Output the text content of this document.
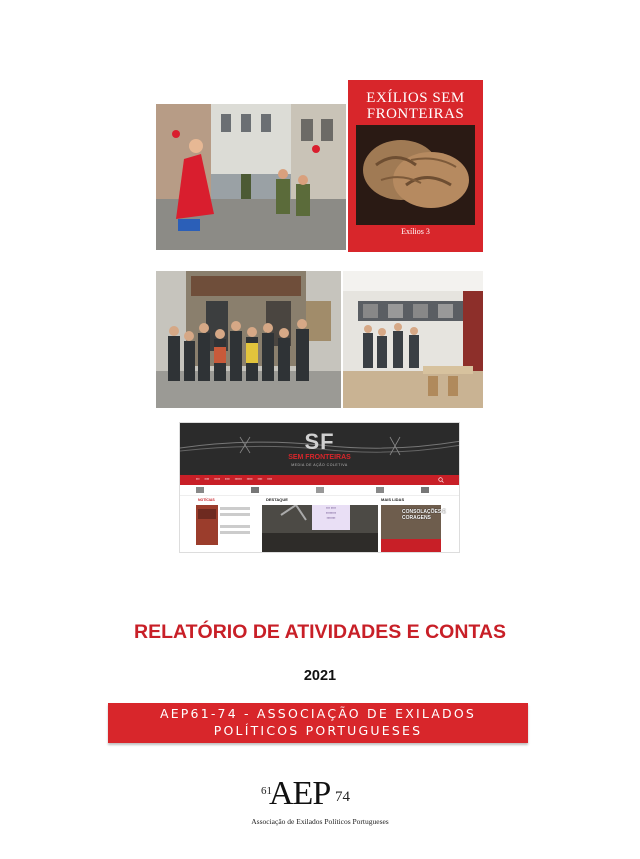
EXÍLIOS SEM
FRONTEIRAS
Exílios 3
SF
SEM FRONTEIRAS
MEDIA DE AÇÃO COLETIVA
▪▪▪ ▪▪▪▪ ▪▪▪▪▪ ▪▪▪▪ ▪▪▪▪▪▪ ▪▪▪▪▪ ▪▪▪▪ ▪▪▪▪
NOTÍCIAS	DESTAQUE	MAIS LIDAS
▪▪▪ ▪▪▪▪
▪▪▪▪▪▪▪▪
▪▪▪▪▪▪▪
CONSOLAÇÕES E CORAGENS
RELATÓRIO DE ATIVIDADES E CONTAS
2021
AEP61-74 - ASSOCIAÇÃO DE EXILADOS
POLÍTICOS PORTUGUESES
61
AEP 74
Associação de Exilados Políticos Portugueses
